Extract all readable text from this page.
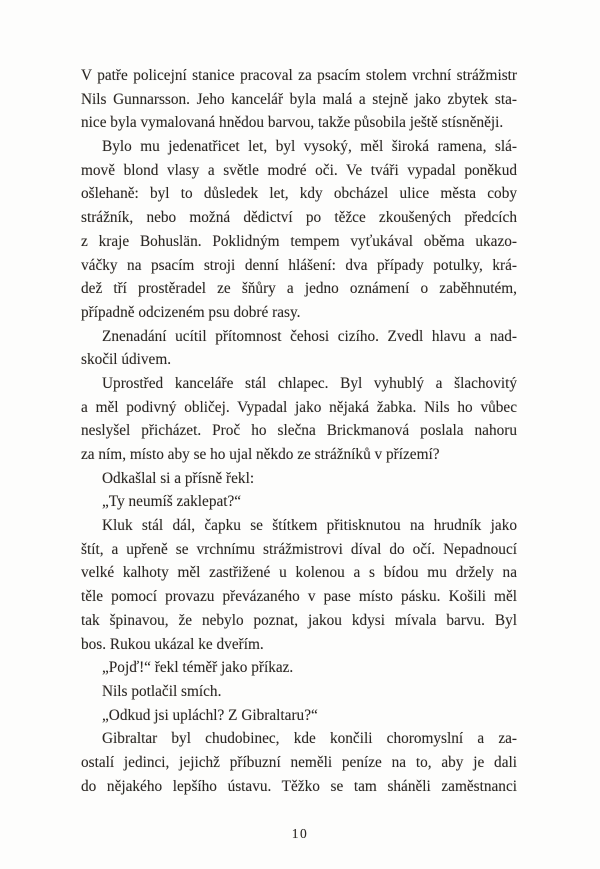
V patře policejní stanice pracoval za psacím stolem vrchní strážmistr
Nils Gunnarsson. Jeho kancelář byla malá a stejně jako zbytek sta-
nice byla vymalovaná hnědou barvou, takže působila ještě stísněněji.
Bylo mu jedenatřicet let, byl vysoký, měl široká ramena, slá-
mově blond vlasy a světle modré oči. Ve tváři vypadal poněkud
ošlehaně: byl to důsledek let, kdy obcházel ulice města coby
strážník, nebo možná dědictví po těžce zkoušených předcích
z kraje Bohuslän. Poklidným tempem vyťukával oběma ukazo-
váčky na psacím stroji denní hlášení: dva případy potulky, krá-
dež tří prostěradel ze šňůry a jedno oznámení o zaběhnutém,
případně odcizeném psu dobré rasy.
Znenadání ucítil přítomnost čehosi cizího. Zvedl hlavu a nad-
skočil údivem.
Uprostřed kanceláře stál chlapec. Byl vyhublý a šlachovitý
a měl podivný obličej. Vypadal jako nějaká žabka. Nils ho vůbec
neslyšel přicházet. Proč ho slečna Brickmanová poslala nahoru
za ním, místo aby se ho ujal někdo ze strážníků v přízemí?
Odkašlal si a přísně řekl:
„Ty neumíš zaklepat?“
Kluk stál dál, čapku se štítkem přitisknutou na hrudník jako
štít, a upřeně se vrchnímu strážmistrovi díval do očí. Nepadnoucí
velké kalhoty měl zastřižené u kolenou a s bídou mu držely na
těle pomocí provazu převázaného v pase místo pásku. Košili měl
tak špinavou, že nebylo poznat, jakou kdysi mívala barvu. Byl
bos. Rukou ukázal ke dveřím.
„Pojď!“ řekl téměř jako příkaz.
Nils potlačil smích.
„Odkud jsi upláchl? Z Gibraltaru?“
Gibraltar byl chudobinec, kde končili choromyslní a za-
ostalí jedinci, jejichž příbuzní neměli peníze na to, aby je dali
do nějakého lepšího ústavu. Těžko se tam sháněli zaměstnanci
10
